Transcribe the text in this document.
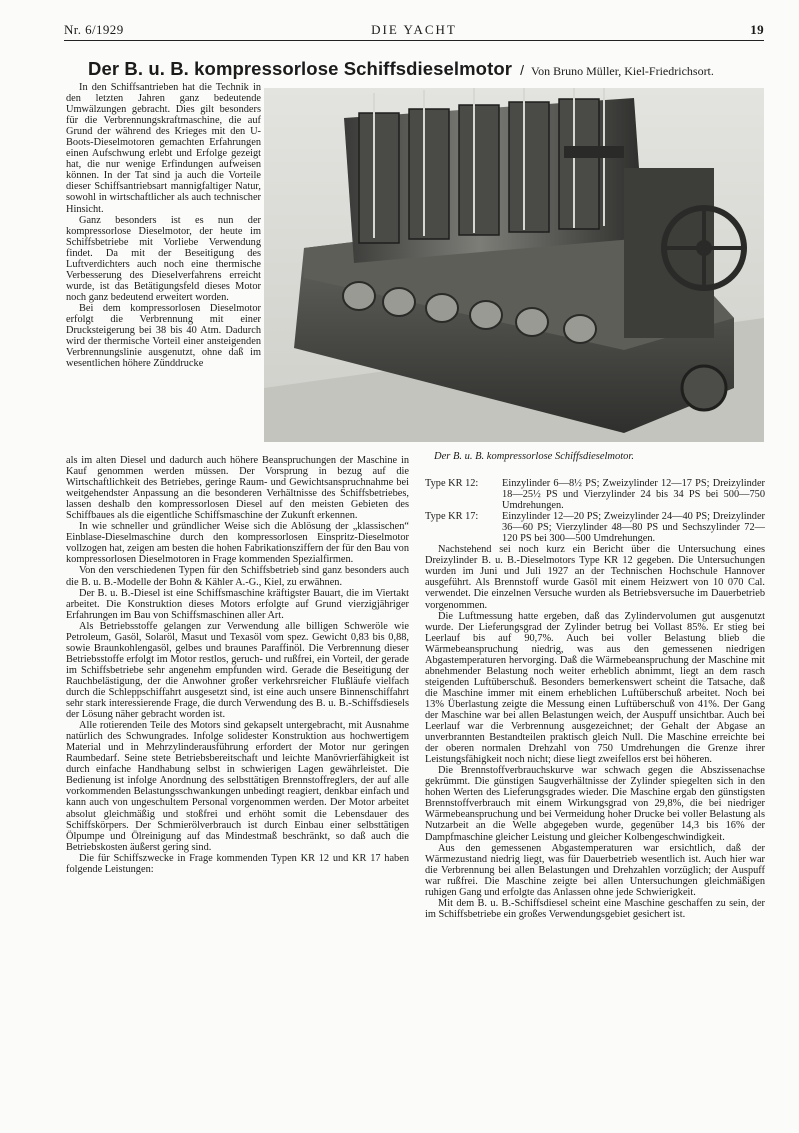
Nr. 6/1929	DIE YACHT	19
Der B. u. B. kompressorlose Schiffsdieselmotor / Von Bruno Müller, Kiel-Friedrichsort.

In den Schiffsantrieben hat die Technik in den letzten Jahren ganz bedeutende Umwälzungen gebracht. Dies gilt besonders für die Verbrennungskraftmaschine, die auf Grund der während des Krieges mit den U-Boots-Dieselmotoren gemachten Erfahrungen einen Aufschwung erlebt und Erfolge gezeigt hat, die nur wenige Erfindungen aufweisen können. In der Tat sind ja auch die Vorteile dieser Schiffsantriebsart mannigfaltiger Natur, sowohl in wirtschaftlicher als auch technischer Hinsicht.

Ganz besonders ist es nun der kompressorlose Dieselmotor, der heute im Schiffsbetriebe mit Vorliebe Verwendung findet. Da mit der Beseitigung des Luftverdichters auch noch eine thermische Verbesserung des Dieselverfahrens erreicht wurde, ist das Betätigungsfeld dieses Motor noch ganz bedeutend erweitert worden.

Bei dem kompressorlosen Dieselmotor erfolgt die Verbrennung mit einer Drucksteigerung bei 38 bis 40 Atm. Dadurch wird der thermische Vorteil einer ansteigenden Verbrennungslinie ausgenutzt, ohne daß im wesentlichen höhere Zünddrucke

Der B. u. B. kompressorlose Schiffsdieselmotor.

als im alten Diesel und dadurch auch höhere Beanspruchungen der Maschine in Kauf genommen werden müssen. Der Vorsprung in bezug auf die Wirtschaftlichkeit des Betriebes, geringe Raum- und Gewichtsanspruchnahme bei weitgehendster Anpassung an die besonderen Verhältnisse des Schiffsbetriebes, lassen deshalb den kompressorlosen Diesel auf den meisten Gebieten des Schiffbaues als die eigentliche Schiffsmaschine der Zukunft erkennen.

In wie schneller und gründlicher Weise sich die Ablösung der „klassischen“ Einblase-Dieselmaschine durch den kompressorlosen Einspritz-Dieselmotor vollzogen hat, zeigen am besten die hohen Fabrikationsziffern der für den Bau von kompressorlosen Dieselmotoren in Frage kommenden Spezialfirmen.

Von den verschiedenen Typen für den Schiffsbetrieb sind ganz besonders auch die B. u. B.-Modelle der Bohn & Kähler A.-G., Kiel, zu erwähnen.

Der B. u. B.-Diesel ist eine Schiffsmaschine kräftigster Bauart, die im Viertakt arbeitet. Die Konstruktion dieses Motors erfolgte auf Grund vierzigjähriger Erfahrungen im Bau von Schiffsmaschinen aller Art.

Als Betriebsstoffe gelangen zur Verwendung alle billigen Schweröle wie Petroleum, Gasöl, Solaröl, Masut und Texasöl vom spez. Gewicht 0,83 bis 0,88, sowie Braunkohlengasöl, gelbes und braunes Paraffinöl. Die Verbrennung dieser Betriebsstoffe erfolgt im Motor restlos, geruch- und rußfrei, ein Vorteil, der gerade im Schiffsbetriebe sehr angenehm empfunden wird. Gerade die Beseitigung der Rauchbelästigung, der die Anwohner großer verkehrsreicher Flußläufe vielfach durch die Schleppschiffahrt ausgesetzt sind, ist eine auch unsere Binnenschiffahrt sehr stark interessierende Frage, die durch Verwendung des B. u. B.-Schiffsdiesels der Lösung näher gebracht worden ist.

Alle rotierenden Teile des Motors sind gekapselt untergebracht, mit Ausnahme natürlich des Schwungrades. Infolge solidester Konstruktion aus hochwertigem Material und in Mehrzylinderausführung erfordert der Motor nur geringen Raumbedarf. Seine stete Betriebsbereitschaft und leichte Manövrierfähigkeit ist durch einfache Handhabung selbst in schwierigen Lagen gewährleistet. Die Bedienung ist infolge Anordnung des selbsttätigen Brennstoffreglers, der auf alle vorkommenden Belastungsschwankungen unbedingt reagiert, denkbar einfach und kann auch von ungeschultem Personal vorgenommen werden. Der Motor arbeitet absolut gleichmäßig und stoßfrei und erhöht somit die Lebensdauer des Schiffskörpers. Der Schmierölverbrauch ist durch Einbau einer selbsttätigen Ölpumpe und Ölreinigung auf das Mindestmaß beschränkt, so daß auch die Betriebskosten äußerst gering sind.

Die für Schiffszwecke in Frage kommenden Typen KR 12 und KR 17 haben folgende Leistungen:

Type KR 12:	Einzylinder 6—8½ PS; Zweizylinder 12—17 PS; Dreizylinder 18—25½ PS und Vierzylinder 24 bis 34 PS bei 500—750 Umdrehungen.
Type KR 17:	Einzylinder 12—20 PS; Zweizylinder 24—40 PS; Dreizylinder 36—60 PS; Vierzylinder 48—80 PS und Sechszylinder 72—120 PS bei 300—500 Umdrehungen.

Nachstehend sei noch kurz ein Bericht über die Untersuchung eines Dreizylinder B. u. B.-Dieselmotors Type KR 12 gegeben. Die Untersuchungen wurden im Juni und Juli 1927 an der Technischen Hochschule Hannover ausgeführt. Als Brennstoff wurde Gasöl mit einem Heizwert von 10 070 Cal. verwendet. Die einzelnen Versuche wurden als Betriebsversuche im Dauerbetrieb vorgenommen.

Die Luftmessung hatte ergeben, daß das Zylindervolumen gut ausgenutzt wurde. Der Lieferungsgrad der Zylinder betrug bei Vollast 85%. Er stieg bei Leerlauf bis auf 90,7%. Auch bei voller Belastung blieb die Wärmebeanspruchung niedrig, was aus den gemessenen niedrigen Abgastemperaturen hervorging. Daß die Wärmebeanspruchung der Maschine mit abnehmender Belastung noch weiter erheblich abnimmt, liegt an dem rasch steigenden Luftüberschuß. Besonders bemerkenswert scheint die Tatsache, daß die Maschine immer mit einem erheblichen Luftüberschuß arbeitet. Noch bei 13% Überlastung zeigte die Messung einen Luftüberschuß von 41%. Der Gang der Maschine war bei allen Belastungen weich, der Auspuff unsichtbar. Auch bei Leerlauf war die Verbrennung ausgezeichnet; der Gehalt der Abgase an unverbrannten Bestandteilen praktisch gleich Null. Die Maschine erreichte bei der oberen normalen Drehzahl von 750 Umdrehungen die Grenze ihrer Leistungsfähigkeit noch nicht; diese liegt zweifellos erst bei höheren.

Die Brennstoffverbrauchskurve war schwach gegen die Abszissenachse gekrümmt. Die günstigen Saugverhältnisse der Zylinder spiegelten sich in den hohen Werten des Lieferungsgrades wieder. Die Maschine ergab den günstigsten Brennstoffverbrauch mit einem Wirkungsgrad von 29,8%, die bei niedriger Wärmebeanspruchung und bei Vermeidung hoher Drucke bei voller Belastung als Nutzarbeit an die Welle abgegeben wurde, gegenüber 14,3 bis 16% der Dampfmaschine gleicher Leistung und gleicher Kolbengeschwindigkeit.

Aus den gemessenen Abgastemperaturen war ersichtlich, daß der Wärmezustand niedrig liegt, was für Dauerbetrieb wesentlich ist. Auch hier war die Verbrennung bei allen Belastungen und Drehzahlen vorzüglich; der Auspuff war rußfrei. Die Maschine zeigte bei allen Untersuchungen gleichmäßigen ruhigen Gang und erfolgte das Anlassen ohne jede Schwierigkeit.

Mit dem B. u. B.-Schiffsdiesel scheint eine Maschine geschaffen zu sein, der im Schiffsbetriebe ein großes Verwendungsgebiet gesichert ist.
